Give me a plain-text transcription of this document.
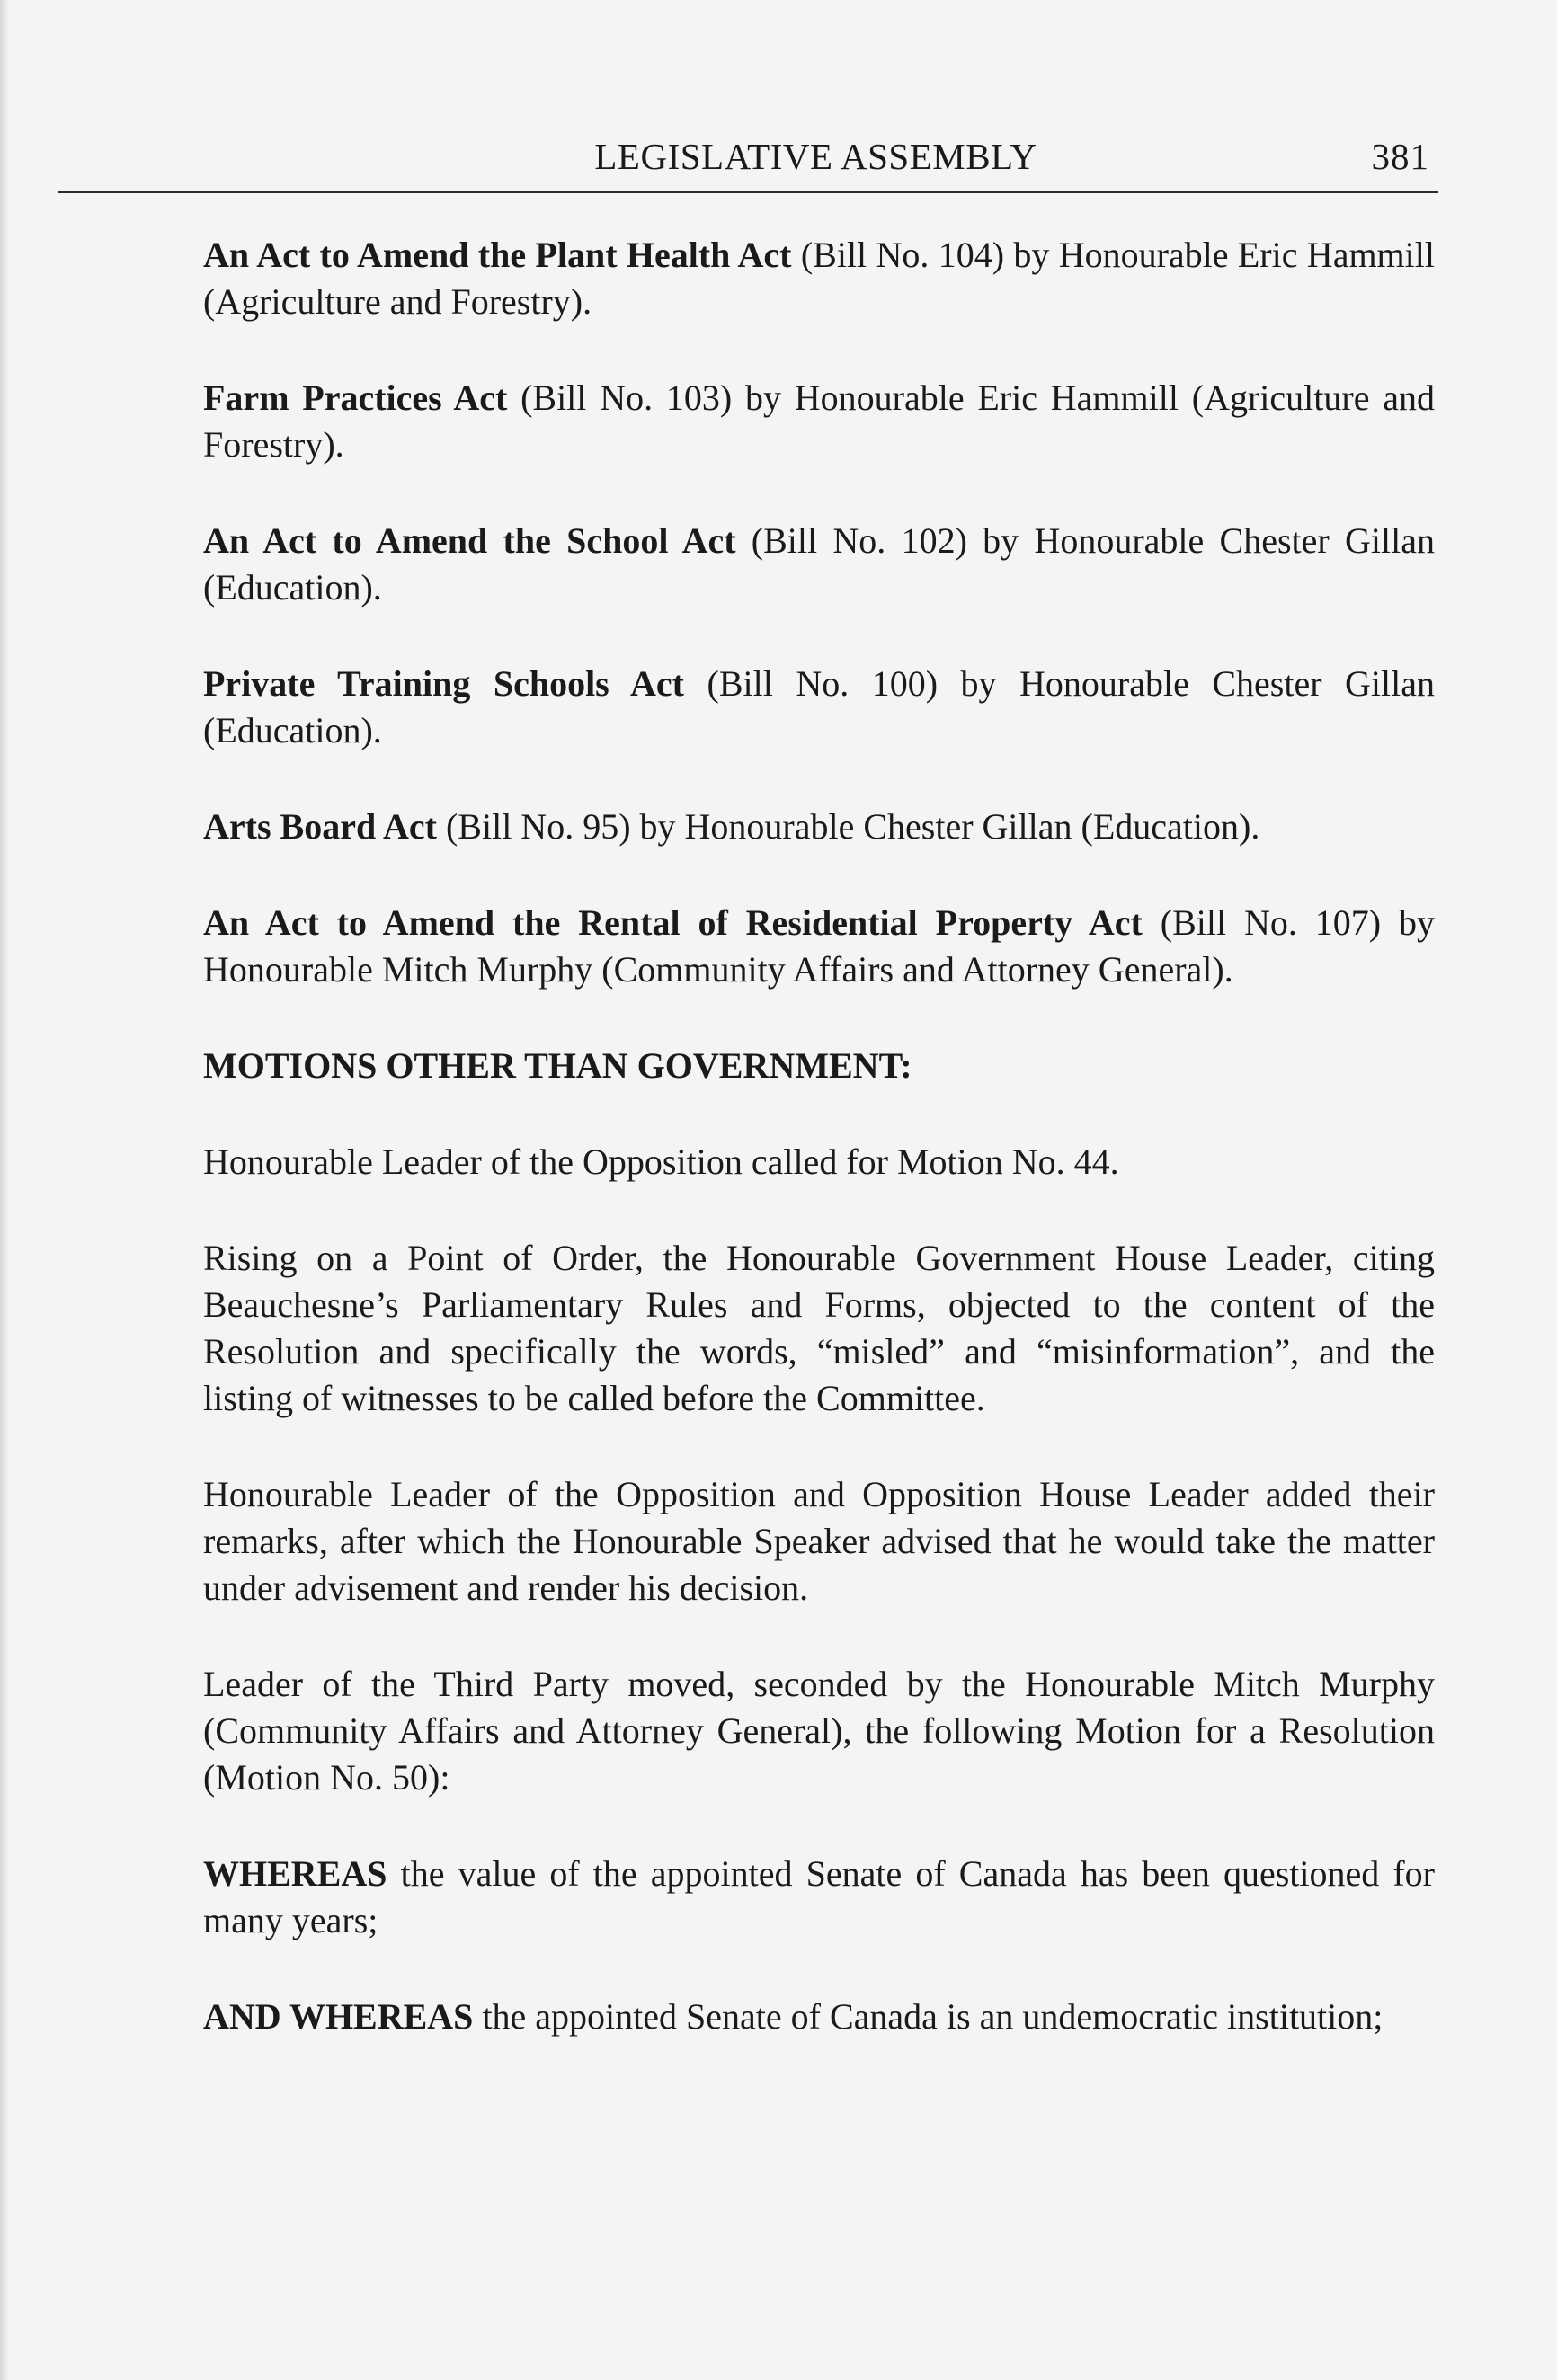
LEGISLATIVE ASSEMBLY	381

An Act to Amend the Plant Health Act (Bill No. 104) by Honourable Eric Hammill (Agriculture and Forestry).

Farm Practices Act (Bill No. 103) by Honourable Eric Hammill (Agriculture and Forestry).

An Act to Amend the School Act (Bill No. 102) by Honourable Chester Gillan (Education).

Private Training Schools Act (Bill No. 100) by Honourable Chester Gillan (Education).

Arts Board Act (Bill No. 95) by Honourable Chester Gillan (Education).

An Act to Amend the Rental of Residential Property Act (Bill No. 107) by Honourable Mitch Murphy (Community Affairs and Attorney General).

MOTIONS OTHER THAN GOVERNMENT:

Honourable Leader of the Opposition called for Motion No. 44.

Rising on a Point of Order, the Honourable Government House Leader, citing Beauchesne’s Parliamentary Rules and Forms, objected to the content of the Resolution and specifically the words, “misled” and “misinformation”, and the listing of witnesses to be called before the Committee.

Honourable Leader of the Opposition and Opposition House Leader added their remarks, after which the Honourable Speaker advised that he would take the matter under advisement and render his decision.

Leader of the Third Party moved, seconded by the Honourable Mitch Murphy (Community Affairs and Attorney General), the following Motion for a Resolution (Motion No. 50):

WHEREAS the value of the appointed Senate of Canada has been questioned for many years;

AND WHEREAS the appointed Senate of Canada is an undemocratic institution;
